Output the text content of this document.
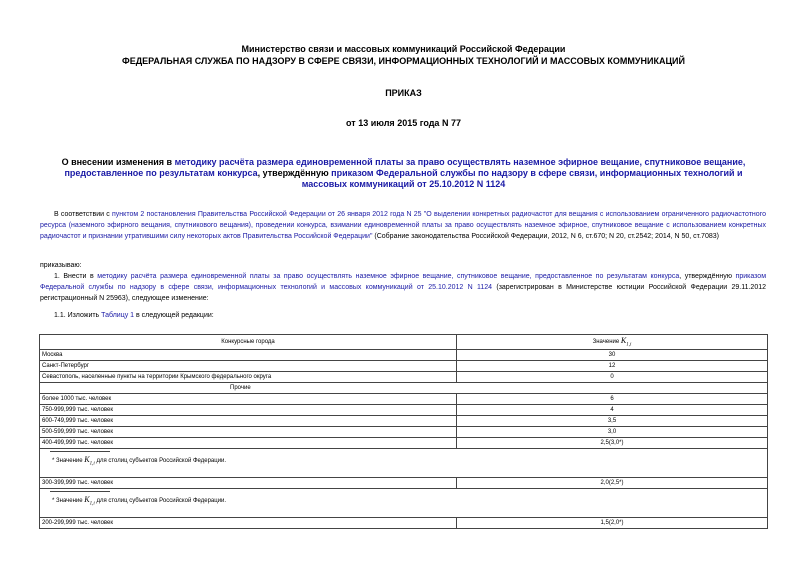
Министерство связи и массовых коммуникаций Российской Федерации
ФЕДЕРАЛЬНАЯ СЛУЖБА ПО НАДЗОРУ В СФЕРЕ СВЯЗИ, ИНФОРМАЦИОННЫХ ТЕХНОЛОГИЙ И МАССОВЫХ КОММУНИКАЦИЙ
ПРИКАЗ
от 13 июля 2015 года N 77
О внесении изменения в методику расчёта размера единовременной платы за право осуществлять наземное эфирное вещание, спутниковое вещание, предоставленное по результатам конкурса, утверждённую приказом Федеральной службы по надзору в сфере связи, информационных технологий и массовых коммуникаций от 25.10.2012 N 1124
В соответствии с пунктом 2 постановления Правительства Российской Федерации от 26 января 2012 года N 25 "О выделении конкретных радиочастот для вещания с использованием ограниченного радиочастотного ресурса (наземного эфирного вещания, спутникового вещания), проведении конкурса, взимании единовременной платы за право осуществлять наземное эфирное, спутниковое вещание с использованием конкретных радиочастот и признании утратившими силу некоторых актов Правительства Российской Федерации" (Собрание законодательства Российской Федерации, 2012, N 6, ст.670; N 20, ст.2542; 2014, N 50, ст.7083)
приказываю:
1. Внести в методику расчёта размера единовременной платы за право осуществлять наземное эфирное вещание, спутниковое вещание, предоставленное по результатам конкурса, утверждённую приказом Федеральной службы по надзору в сфере связи, информационных технологий и массовых коммуникаций от 25.10.2012 N 1124 (зарегистрирован в Министерстве юстиции Российской Федерации 29.11.2012 регистрационный N 25963), следующее изменение:
1.1. Изложить Таблицу 1 в следующей редакции:
Конкурсные города	Значение $K_{1,i}$
Москва	30
Санкт-Петербург	12
Севастополь, населенные пункты на территории Крымского федерального округа	0
Прочие	
более 1000 тыс. человек	6
750-999,999 тыс. человек	4
600-749,999 тыс. человек	3,5
500-599,999 тыс. человек	3,0
400-499,999 тыс. человек	2,5(3,0*)

* Значение $K_{1,i}$ для столиц субъектов Российской Федерации.	
300-399,999 тыс. человек	2,0(2,5*)

* Значение $K_{1,i}$ для столиц субъектов Российской Федерации.	
200-299,999 тыс. человек	1,5(2,0*)
